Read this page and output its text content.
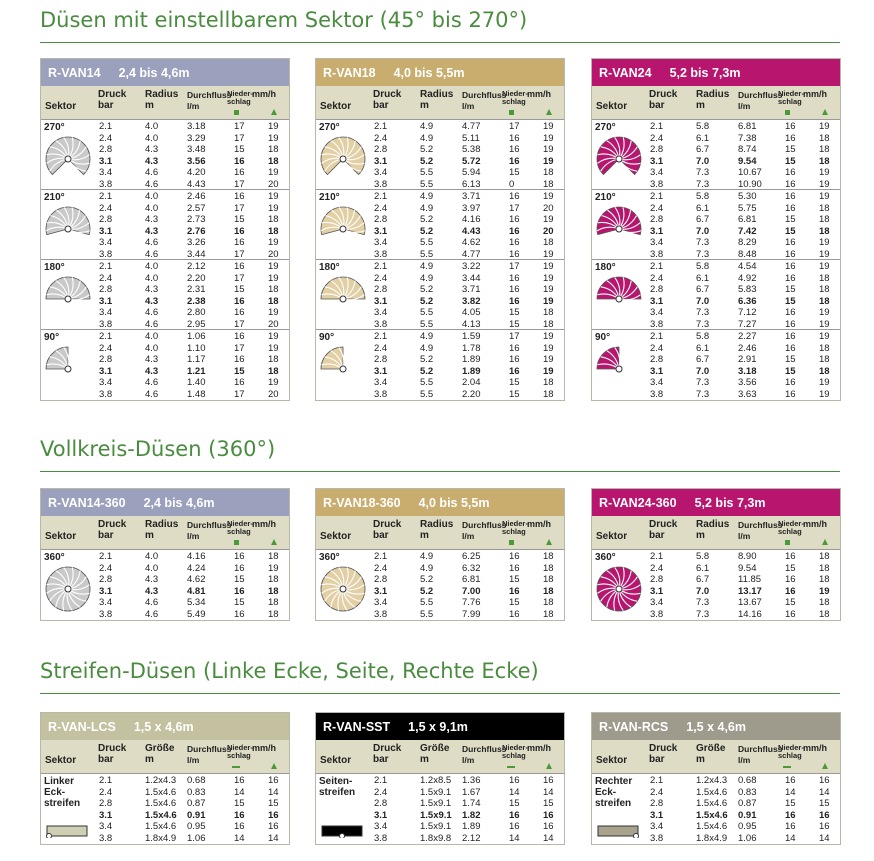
Düsen mit einstellbarem Sektor (45° bis 270°)
Vollkreis-Düsen (360°)
Streifen-Düsen (Linke Ecke, Seite, Rechte Ecke)
R-VAN14 2,4 bis 4,6m
Sektor
Druck
bar
Radius
m
Durchfluss
l/m
Nieder-
schlag
mm/h
270°	2.1	4.0	3.18	17 19
2.4	4.0	3.29	17 19
2.8	4.3	3.48	15 18
3.1	4.3	3.56	16 18
3.4	4.6	4.20	16 19
3.8	4.6	4.43	17 20
210°	2.1	4.0	2.46	16 19
2.4	4.0	2.57	17 19
2.8	4.3	2.73	15 18
3.1	4.3	2.76	16 18
3.4	4.6	3.26	16 19
3.8	4.6	3.44	17 20
180°	2.1	4.0	2.12	16 19
2.4	4.0	2.20	17 19
2.8	4.3	2.31	15 18
3.1	4.3	2.38	16 18
3.4	4.6	2.80	16 19
3.8	4.6	2.95	17 20
90°	2.1	4.0	1.06	16 19
2.4	4.0	1.10	17 19
2.8	4.3	1.17	16 18
3.1	4.3	1.21	15 18
3.4	4.6	1.40	16 19
3.8	4.6	1.48	17 20
R-VAN18 4,0 bis 5,5m
Sektor
Druck
bar
Radius
m
Durchfluss
l/m
Nieder-
schlag
mm/h
270°	2.1	4.9	4.77	17 19
2.4	4.9	5.11	16 19
2.8	5.2	5.38	16 19
3.1	5.2	5.72	16 19
3.4	5.5	5.94	15 18
3.8	5.5	6.13	0	18
210°	2.1	4.9	3.71	16 19
2.4	4.9	3.97	17 20
2.8	5.2	4.16	16 19
3.1	5.2	4.43	16 20
3.4	5.5	4.62	16 18
3.8	5.5	4.77	16 19
180°	2.1	4.9	3.22	17 19
2.4	4.9	3.44	16 19
2.8	5.2	3.71	16 19
3.1	5.2	3.82	16 19
3.4	5.5	4.05	15 18
3.8	5.5	4.13	15 18
90°	2.1	4.9	1.59	17 19
2.4	4.9	1.78	16 19
2.8	5.2	1.89	16 19
3.1	5.2	1.89	16 19
3.4	5.5	2.04	15 18
3.8	5.5	2.20	15 18
R-VAN24 5,2 bis 7,3m
Sektor
Druck
bar
Radius
m
Durchfluss
l/m
Nieder-
schlag
mm/h
270°	2.1	5.8	6.81	16 19
2.4	6.1	7.38	16 18
2.8	6.7	8.74	15 18
3.1	7.0	9.54	15 18
3.4	7.3	10.67 16 19
3.8	7.3	10.90 16 19
210°	2.1	5.8	5.30	16 19
2.4	6.1	5.75	16 18
2.8	6.7	6.81	15 18
3.1	7.0	7.42	15 18
3.4	7.3	8.29	16 19
3.8	7.3	8.48	16 19
180°	2.1	5.8	4.54	16 19
2.4	6.1	4.92	16 18
2.8	6.7	5.83	15 18
3.1	7.0	6.36	15 18
3.4	7.3	7.12	16 19
3.8	7.3	7.27	16 19
90°	2.1	5.8	2.27	16 19
2.4	6.1	2.46	16 18
2.8	6.7	2.91	15 18
3.1	7.0	3.18	15 18
3.4	7.3	3.56	16 19
3.8	7.3	3.63	16 19
R-VAN14-360 2,4 bis 4,6m
Sektor
Druck
bar
Radius
m
Durchfluss
l/m
Nieder-
schlag
mm/h
360°	2.1	4.0	4.16	16 18
2.4	4.0	4.24	16 19
2.8	4.3	4.62	15 18
3.1	4.3	4.81	16 18
3.4	4.6	5.34	15 18
3.8	4.6	5.49	16 18
R-VAN18-360 4,0 bis 5,5m
Sektor
Druck
bar
Radius
m
Durchfluss
l/m
Nieder-
schlag
mm/h
360°	2.1	4.9	6.25	16 18
2.4	4.9	6.32	16 18
2.8	5.2	6.81	15 18
3.1	5.2	7.00	16 18
3.4	5.5	7.76	15 18
3.8	5.5	7.99	16 18
R-VAN24-360 5,2 bis 7,3m
Sektor
Druck
bar
Radius
m
Durchfluss
l/m
Nieder-
schlag
mm/h
360°	2.1	5.8	8.90	16 18
2.4	6.1	9.54	15 18
2.8	6.7	11.85	16 18
3.1	7.0	13.17 16 19
3.4	7.3	13.67 15 18
3.8	7.3	14.16 16 18
R-VAN-LCS 1,5 x 4,6m
Sektor
Druck
bar
Größe
m
Durchfluss
l/m
Nieder-
schlag
mm/h
Linker
Eck-
streifen
2.1	1.2x4.3 0.68	16 16
2.4	1.5x4.6 0.83	14 14
2.8	1.5x4.6 0.87	15 15
3.1	1.5x4.6 0.91	16 16
3.4	1.5x4.6 0.95	16 16
3.8	1.8x4.9 1.06	14 14
R-VAN-SST 1,5 x 9,1m
Sektor
Druck
bar
Größe
m
Durchfluss
l/m
Nieder-
schlag
mm/h
Seiten-
streifen
2.1	1.2x8.5 1.36	16 16
2.4	1.5x9.1 1.67	14 14
2.8	1.5x9.1 1.74	15 15
3.1	1.5x9.1 1.82	16 16
3.4	1.5x9.1 1.89	16 16
3.8	1.8x9.8 2.12	14 14
R-VAN-RCS 1,5 x 4,6m
Sektor
Druck
bar
Größe
m
Durchfluss
l/m
Nieder-
schlag
mm/h
Rechter
Eck-
streifen
2.1	1.2x4.3 0.68	16 16
2.4	1.5x4.6 0.83	14 14
2.8	1.5x4.6 0.87	15 15
3.1	1.5x4.6 0.91	16 16
3.4	1.5x4.6 0.95	16 16
3.8	1.8x4.9 1.06	14 14
